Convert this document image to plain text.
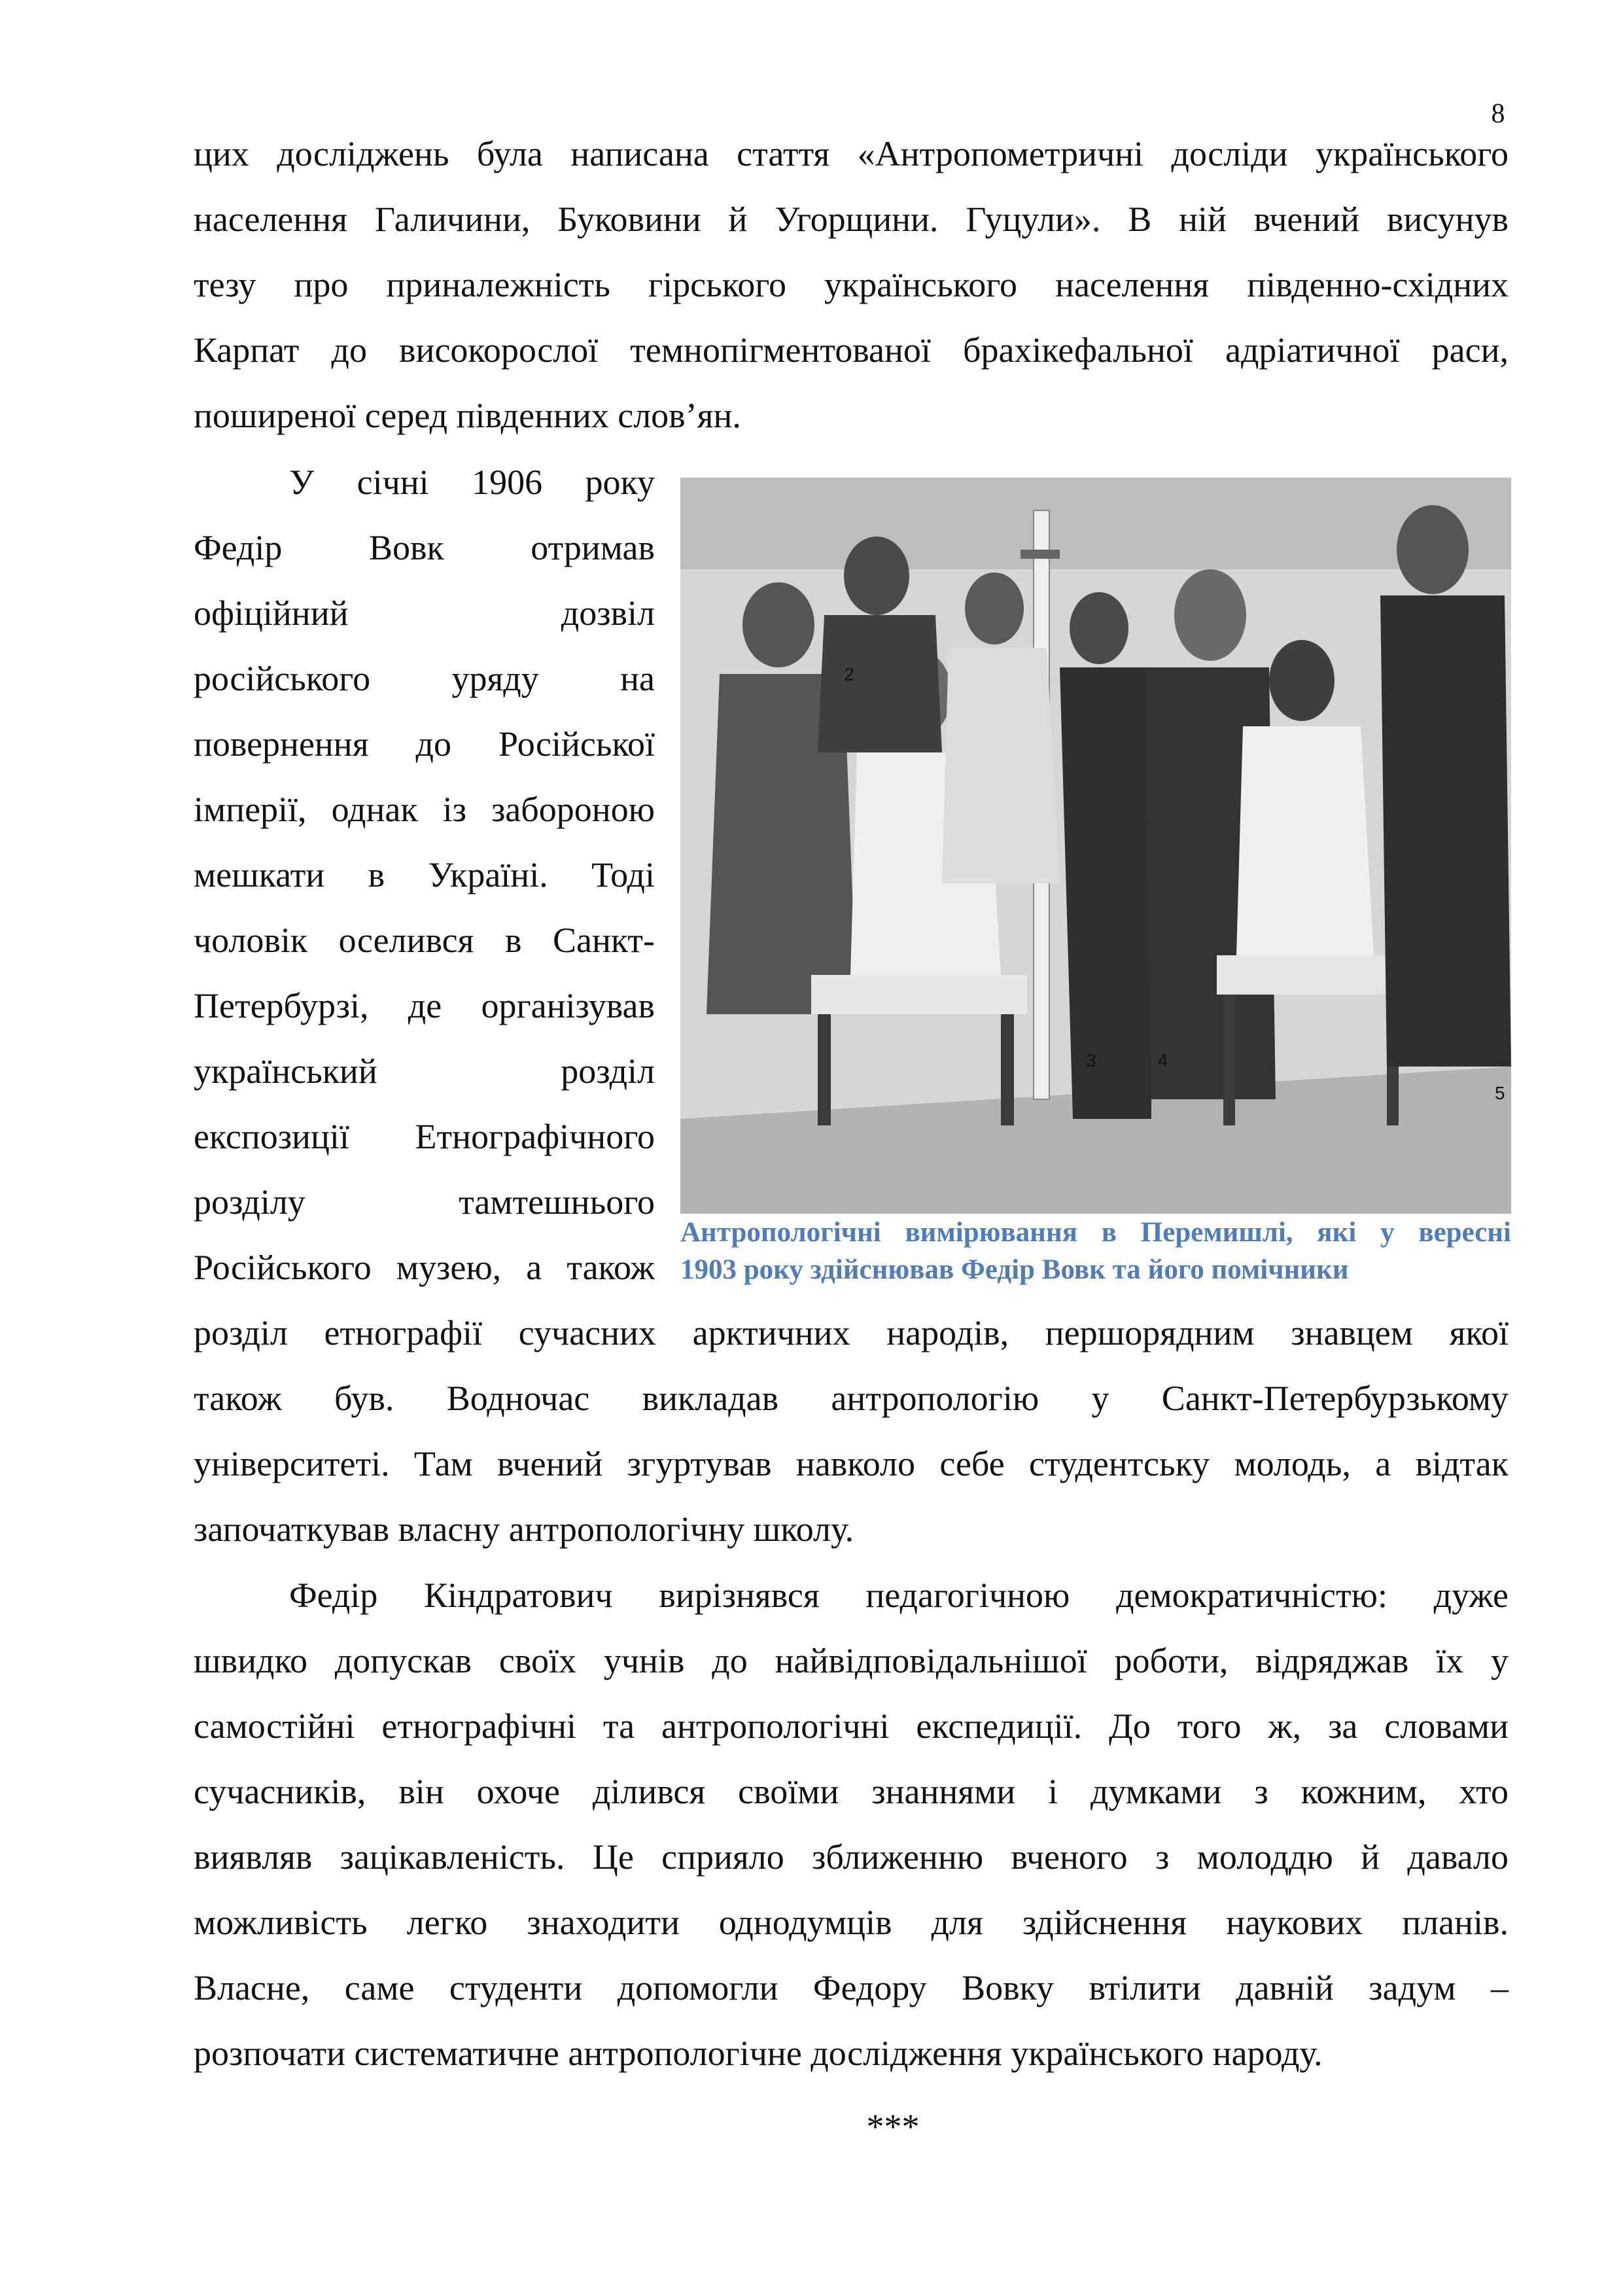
8
цих досліджень була написана стаття «Антропометричні досліди українського
населення Галичини, Буковини й Угорщини. Гуцули». В ній вчений висунув
тезу про приналежність гірського українського населення південно-східних
Карпат до високорослої темнопігментованої брахікефальної адріатичної раси,
поширеної серед південних слов’ян.
У січні 1906 року
Федір Вовк отримав
офіційний дозвіл
російського уряду на
повернення до Російської
імперії, однак із забороною
мешкати в Україні. Тоді
чоловік оселився в Санкт-
Петербурзі, де організував
український розділ
експозиції Етнографічного
розділу тамтешнього
Російського музею, а також
2
3	4
5
Антропологічні вимірювання в Перемишлі, які у вересні
1903 року здійснював Федір Вовк та його помічники
розділ етнографії сучасних арктичних народів, першорядним знавцем якої
також був. Водночас викладав антропологію у Санкт-Петербурзькому
університеті. Там вчений згуртував навколо себе студентську молодь, а відтак
започаткував власну антропологічну школу.
Федір Кіндратович вирізнявся педагогічною демократичністю: дуже
швидко допускав своїх учнів до найвідповідальнішої роботи, відряджав їх у
самостійні етнографічні та антропологічні експедиції. До того ж, за словами
сучасників, він охоче ділився своїми знаннями і думками з кожним, хто
виявляв зацікавленість. Це сприяло зближенню вченого з молоддю й давало
можливість легко знаходити однодумців для здійснення наукових планів.
Власне, саме студенти допомогли Федору Вовку втілити давній задум –
розпочати систематичне антропологічне дослідження українського народу.
***
